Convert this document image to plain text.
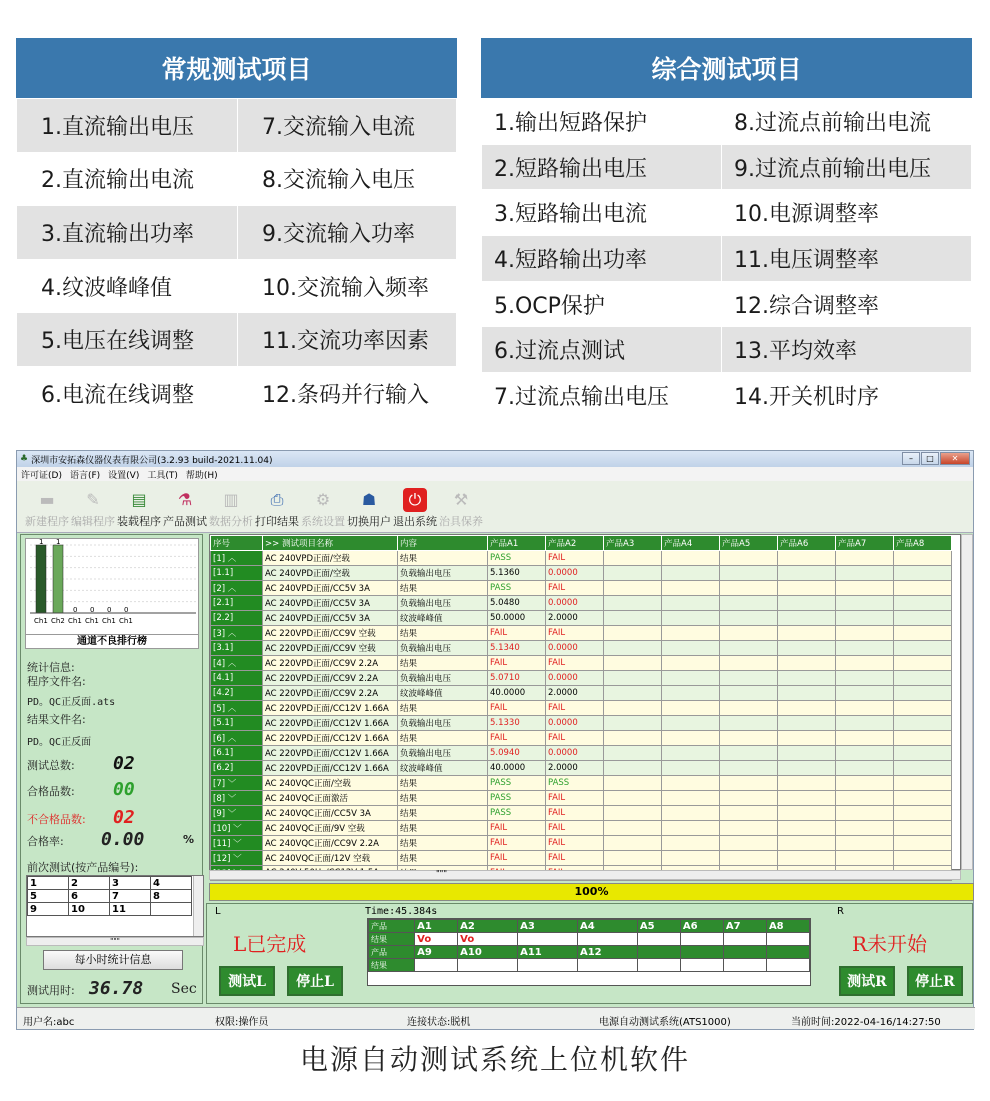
常规测试项目
1.直流输出电压	7.交流输入电流
2.直流输出电流	8.交流输入电压
3.直流输出功率	9.交流输入功率
4.纹波峰峰值	10.交流输入频率
5.电压在线调整	11.交流功率因素
6.电流在线调整	12.条码并行输入
综合测试项目
1.输出短路保护	8.过流点前输出电流
2.短路输出电压	9.过流点前输出电压
3.短路输出电流	10.电源调整率
4.短路输出功率	11.电压调整率
5.OCP保护	12.综合调整率
6.过流点测试	13.平均效率
7.过流点输出电压	14.开关机时序
♣ 深圳市安拓森仪器仪表有限公司(3.2.93 build-2021.11.04)	–	□	✕
许可证(D) 语言(F) 设置(V) 工具(T) 帮助(H)
▬
新建程序
✎
编辑程序
▤
装载程序
⚗
产品测试
▥
数据分析
⎙
打印结果
⚙
系统设置
☗
切换用户
⏻
退出系统
⚒
治具保养
1
Ch1
1
Ch2
0
Ch1
0
Ch1
0
Ch1
0
Ch1
通道不良排行榜
统计信息:
程序文件名:
PD。QC正反面.ats
结果文件名:
PD。QC正反面
测试总数: 02
合格品数: 00
不合格品数: 02
合格率: 0.00	%
前次测试(按产品编号):
1	2	3	4
5	6	7	8
9	10	11	
"""
每小时统计信息
测试用时: 36.78 Sec
序号	>> 测试项目名称	内容	产品A1	产品A2	产品A3	产品A4	产品A5	产品A6	产品A7	产品A8
[1] ︿	AC 240VPD正面/空载	结果	PASS	FAIL						
[1.1]	AC 240VPD正面/空载	负载输出电压	5.1360	0.0000						
[2] ︿	AC 240VPD正面/CC5V 3A	结果	PASS	FAIL						
[2.1]	AC 240VPD正面/CC5V 3A	负载输出电压	5.0480	0.0000						
[2.2]	AC 240VPD正面/CC5V 3A	纹波峰峰值	50.0000	2.0000						
[3] ︿	AC 220VPD正面/CC9V 空载	结果	FAIL	FAIL						
[3.1]	AC 220VPD正面/CC9V 空载	负载输出电压	5.1340	0.0000						
[4] ︿	AC 220VPD正面/CC9V 2.2A	结果	FAIL	FAIL						
[4.1]	AC 220VPD正面/CC9V 2.2A	负载输出电压	5.0710	0.0000						
[4.2]	AC 220VPD正面/CC9V 2.2A	纹波峰峰值	40.0000	2.0000						
[5] ︿	AC 220VPD正面/CC12V 1.66A	结果	FAIL	FAIL						
[5.1]	AC 220VPD正面/CC12V 1.66A	负载输出电压	5.1330	0.0000						
[6] ︿	AC 220VPD正面/CC12V 1.66A	结果	FAIL	FAIL						
[6.1]	AC 220VPD正面/CC12V 1.66A	负载输出电压	5.0940	0.0000						
[6.2]	AC 220VPD正面/CC12V 1.66A	纹波峰峰值	40.0000	2.0000						
[7] ﹀	AC 240VQC正面/空载	结果	PASS	PASS						
[8] ﹀	AC 240VQC正面激活	结果	PASS	FAIL						
[9] ﹀	AC 240VQC正面/CC5V 3A	结果	PASS	FAIL						
[10] ﹀	AC 240VQC正面/9V 空载	结果	FAIL	FAIL						
[11] ﹀	AC 240VQC正面/CC9V 2.2A	结果	FAIL	FAIL						
[12] ﹀	AC 240VQC正面/12V 空载	结果	FAIL	FAIL						

"""
100%
L
L已完成
测试L	停止L
Time:45.384s
产品	A1	A2	A3	A4	A5	A6	A7	A8
结果	Vo	Vo						
产品	A9	A10	A11	A12				
结果								
R
R未开始
测试R	停止R
用户名:abc	权限:操作员	连接状态:脱机	电源自动测试系统(ATS1000)	当前时间:2022-04-16/14:27:50
电源自动测试系统上位机软件
